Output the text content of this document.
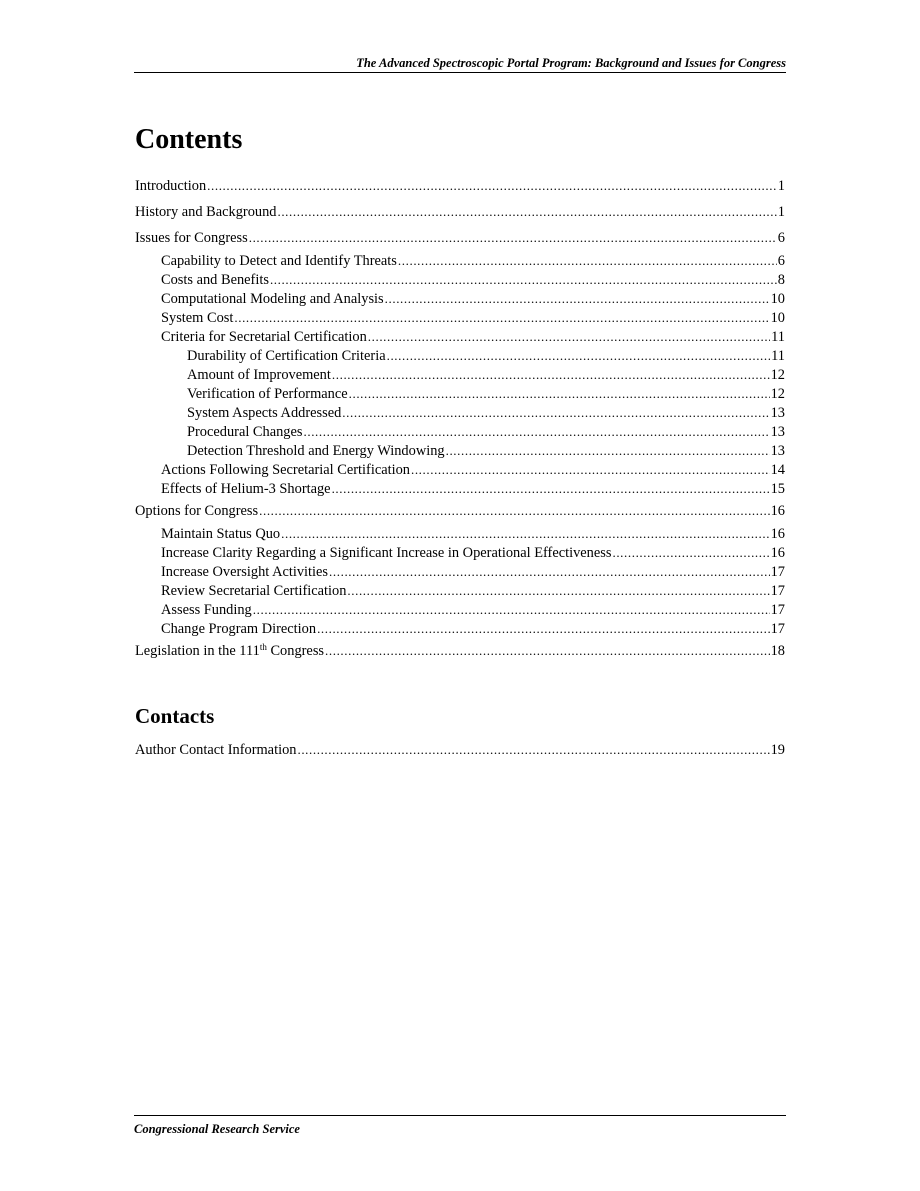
The Advanced Spectroscopic Portal Program: Background and Issues for Congress
Contents
Introduction .....	1
History and Background .....	1
Issues for Congress .....	6
Capability to Detect and Identify Threats .....	6
Costs and Benefits .....	8
Computational Modeling and Analysis .....	10
System Cost .....	10
Criteria for Secretarial Certification .....	11
Durability of Certification Criteria .....	11
Amount of Improvement .....	12
Verification of Performance .....	12
System Aspects Addressed .....	13
Procedural Changes .....	13
Detection Threshold and Energy Windowing .....	13
Actions Following Secretarial Certification .....	14
Effects of Helium-3 Shortage .....	15
Options for Congress .....	16
Maintain Status Quo .....	16
Increase Clarity Regarding a Significant Increase in Operational Effectiveness .....	16
Increase Oversight Activities .....	17
Review Secretarial Certification .....	17
Assess Funding .....	17
Change Program Direction .....	17
Legislation in the 111th Congress .....	18
Contacts
Author Contact Information .....	19
Congressional Research Service
